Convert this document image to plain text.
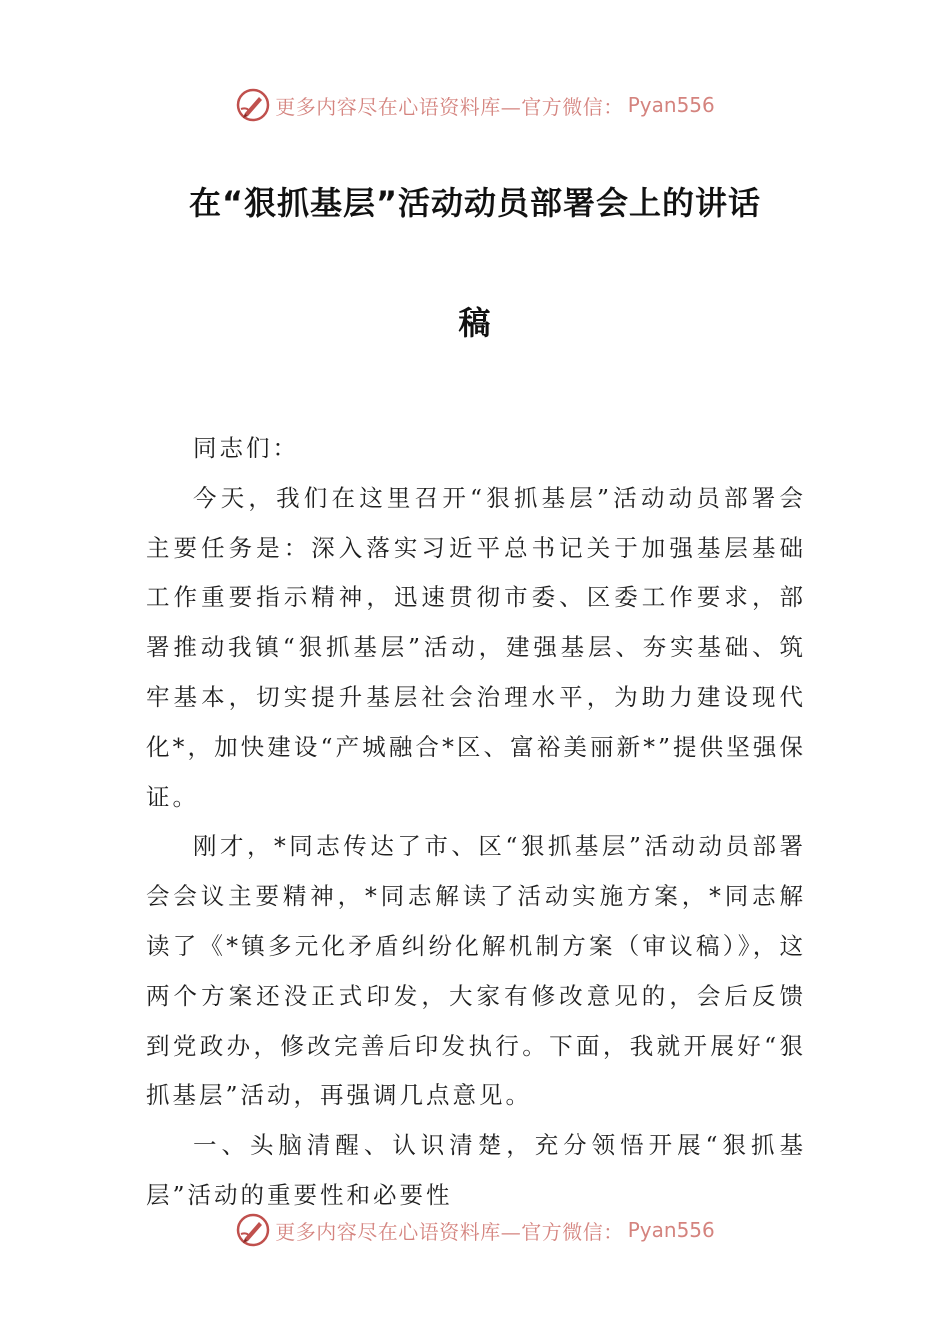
更多内容尽在心语资料库—官方微信： Pyan556
在“狠抓基层”活动动员部署会上的讲话
稿

同志们：

今天，我们在这里召开“狠抓基层”活动动员部署会主要任务是：深入落实习近平总书记关于加强基层基础工作重要指示精神，迅速贯彻市委、区委工作要求，部署推动我镇“狠抓基层”活动，建强基层、夯实基础、筑牢基本，切实提升基层社会治理水平，为助力建设现代化*，加快建设“产城融合*区、富裕美丽新*”提供坚强保证。

刚才，*同志传达了市、区“狠抓基层”活动动员部署会会议主要精神，*同志解读了活动实施方案，*同志解读了《*镇多元化矛盾纠纷化解机制方案（审议稿）》，这两个方案还没正式印发，大家有修改意见的，会后反馈到党政办，修改完善后印发执行。下面，我就开展好“狠抓基层”活动，再强调几点意见。

一、头脑清醒、认识清楚，充分领悟开展“狠抓基层”活动的重要性和必要性

更多内容尽在心语资料库—官方微信： Pyan556
